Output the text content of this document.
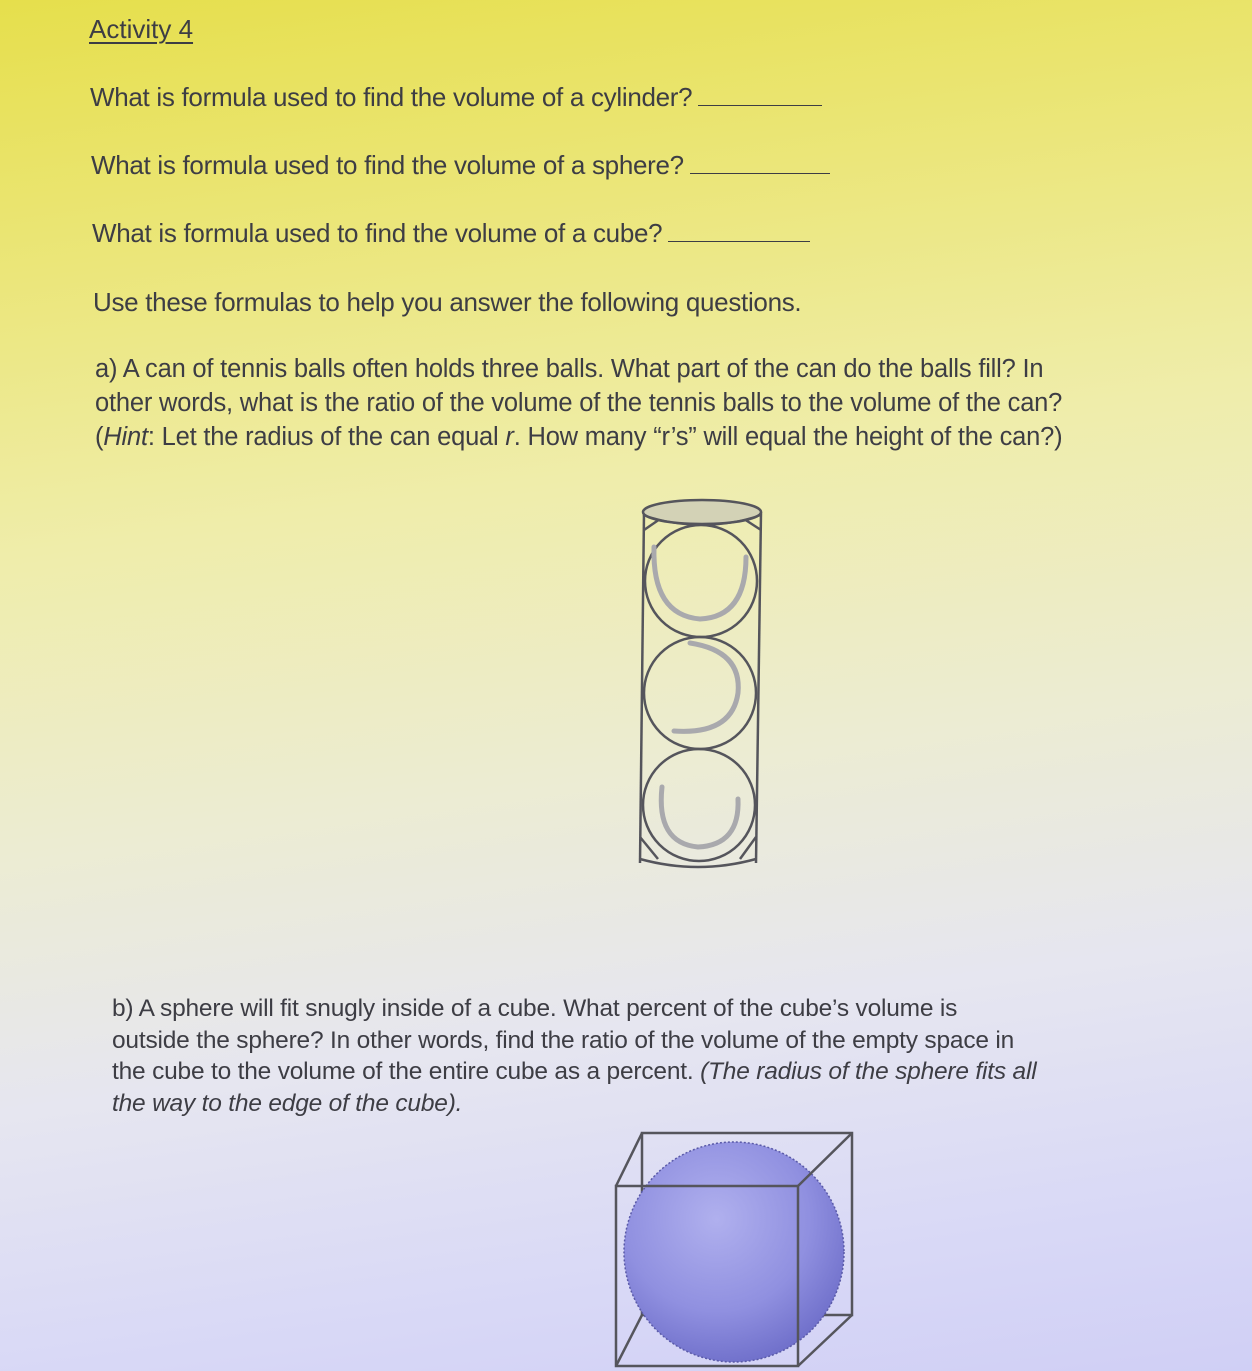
Activity 4
What is formula used to find the volume of a cylinder?
What is formula used to find the volume of a sphere?
What is formula used to find the volume of a cube?
Use these formulas to help you answer the following questions.
a) A can of tennis balls often holds three balls. What part of the can do the balls fill? In
other words, what is the ratio of the volume of the tennis balls to the volume of the can?
(Hint: Let the radius of the can equal r. How many “r’s” will equal the height of the can?)
b) A sphere will fit snugly inside of a cube. What percent of the cube’s volume is
outside the sphere? In other words, find the ratio of the volume of the empty space in
the cube to the volume of the entire cube as a percent. (The radius of the sphere fits all
the way to the edge of the cube).
